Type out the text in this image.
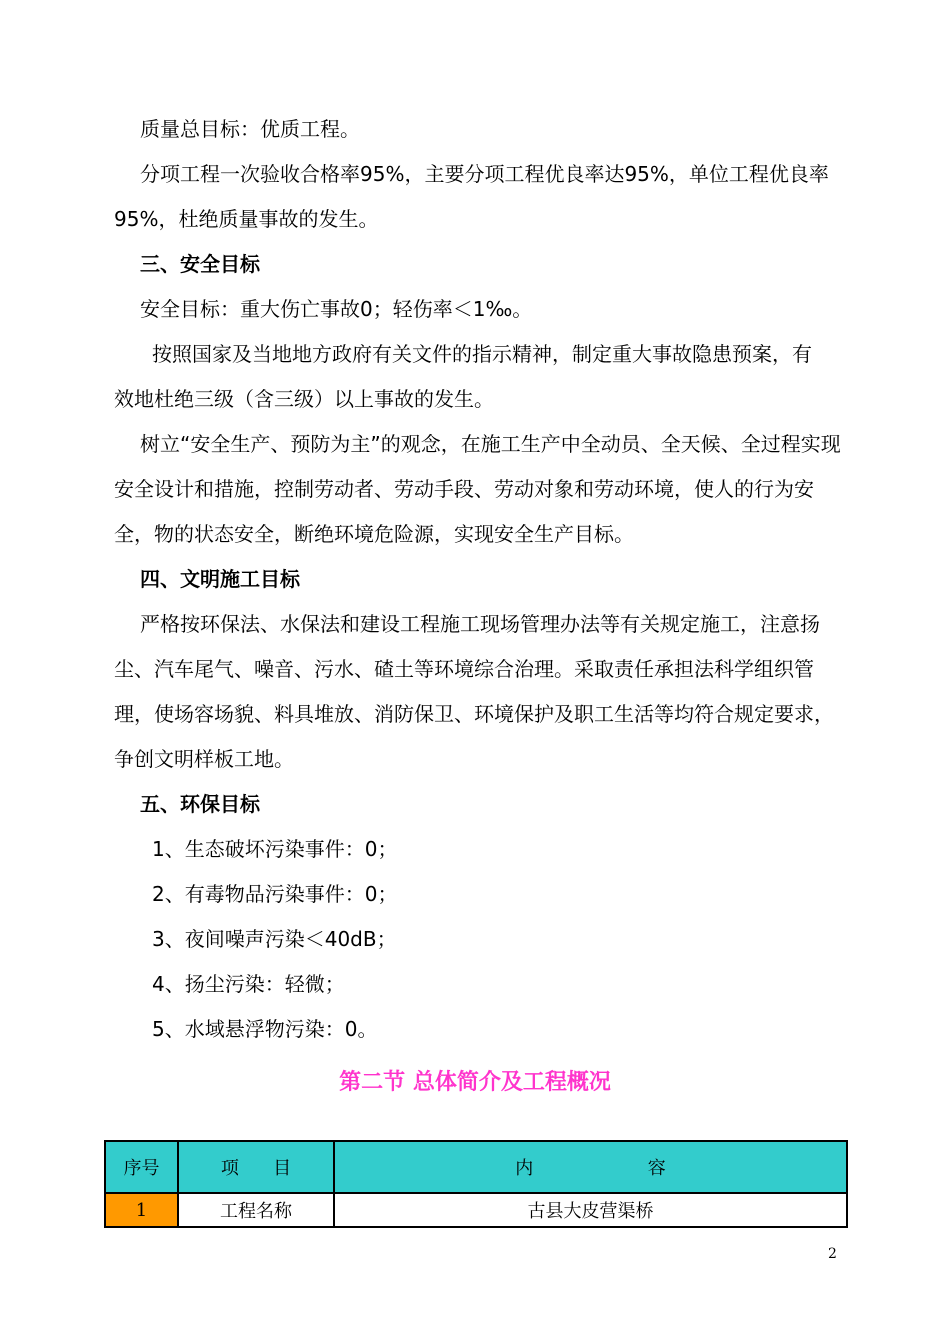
质量总目标：优质工程。
分项工程一次验收合格率95%，主要分项工程优良率达95%，单位工程优良率
95%，杜绝质量事故的发生。
三、安全目标
安全目标：重大伤亡事故0；轻伤率＜1‰。
按照国家及当地地方政府有关文件的指示精神，制定重大事故隐患预案，有
效地杜绝三级（含三级）以上事故的发生。
树立“安全生产、预防为主”的观念，在施工生产中全动员、全天候、全过程实现
安全设计和措施，控制劳动者、劳动手段、劳动对象和劳动环境，使人的行为安
全，物的状态安全，断绝环境危险源，实现安全生产目标。
四、文明施工目标
严格按环保法、水保法和建设工程施工现场管理办法等有关规定施工，注意扬
尘、汽车尾气、噪音、污水、碴土等环境综合治理。采取责任承担法科学组织管
理，使场容场貌、料具堆放、消防保卫、环境保护及职工生活等均符合规定要求，
争创文明样板工地。
五、环保目标
1、生态破坏污染事件：0；
2、有毒物品污染事件：0；
3、夜间噪声污染＜40dB；
4、扬尘污染：轻微；
5、水域悬浮物污染：0。
第二节 总体简介及工程概况
序号	项      目	内                    容
1	工程名称	古县大皮营渠桥
2
